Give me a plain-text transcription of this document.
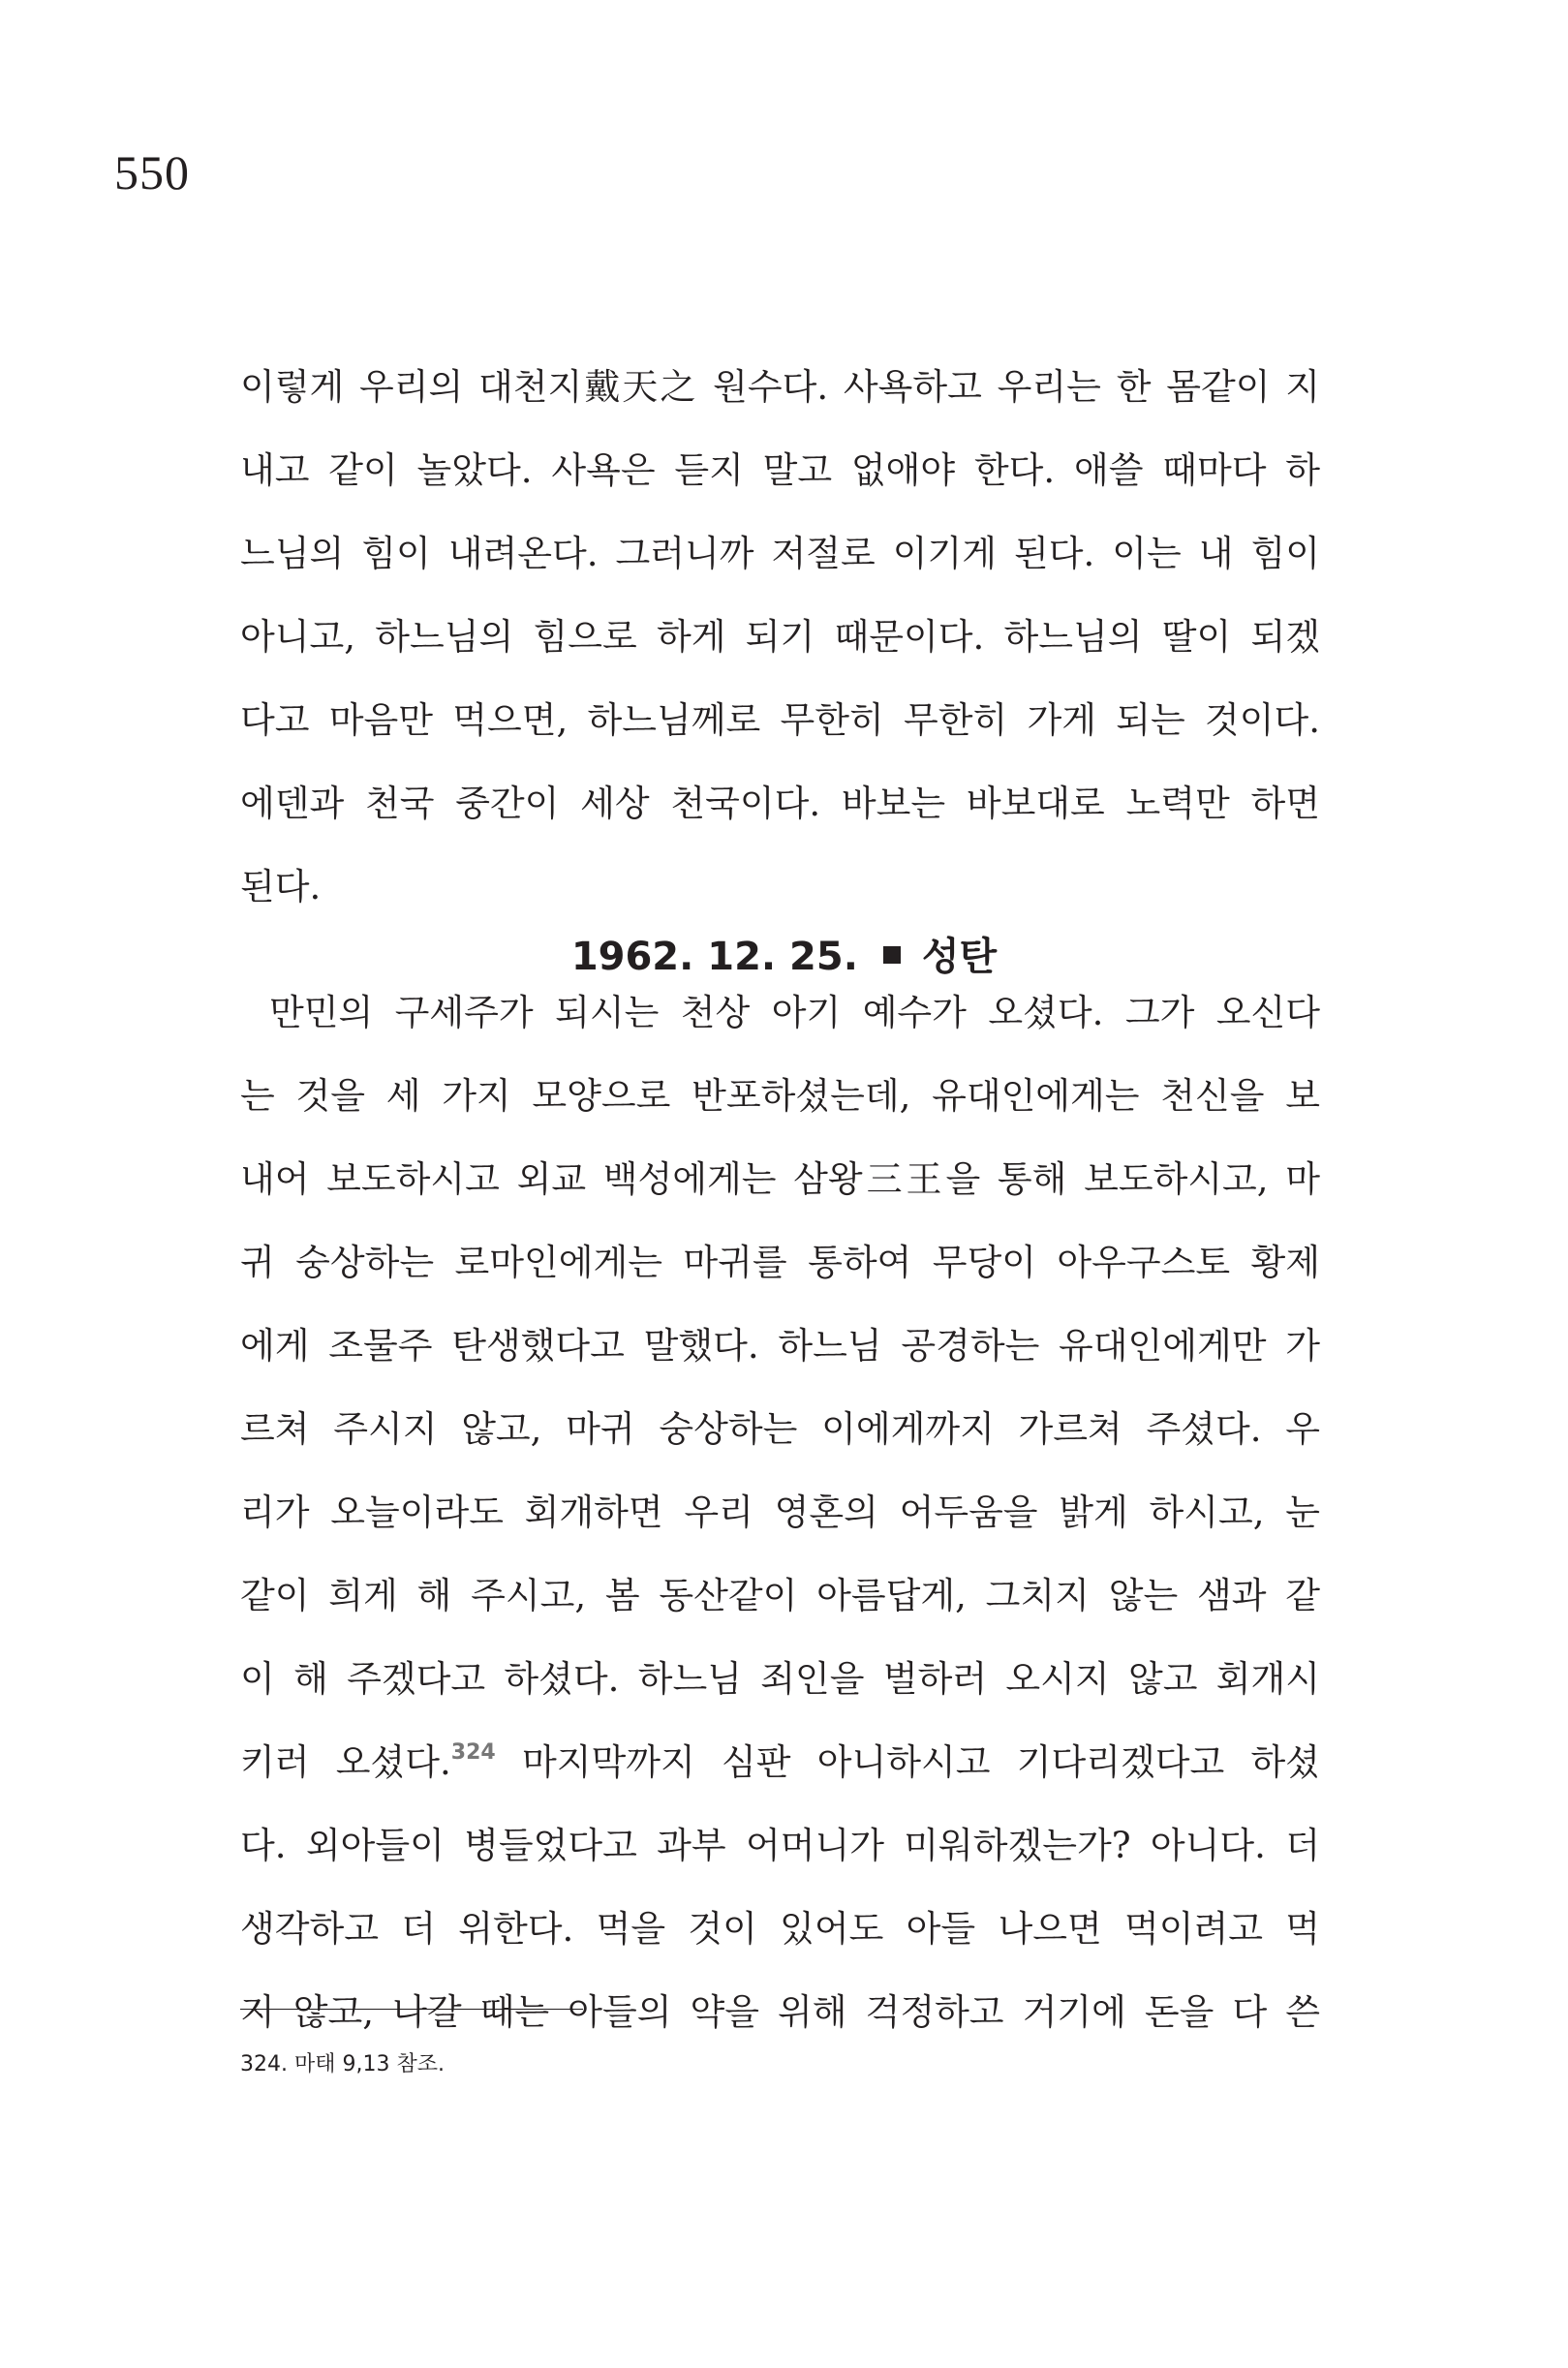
550
이렇게 우리의 대천지戴天之 원수다. 사욕하고 우리는 한 몸같이 지
내고 같이 놀았다. 사욕은 듣지 말고 없애야 한다. 애쓸 때마다 하
느님의 힘이 내려온다. 그러니까 저절로 이기게 된다. 이는 내 힘이
아니고, 하느님의 힘으로 하게 되기 때문이다. 하느님의 딸이 되겠
다고 마음만 먹으면, 하느님께로 무한히 무한히 가게 되는 것이다.
에덴과 천국 중간이 세상 천국이다. 바보는 바보대로 노력만 하면
된다.
1962. 12. 25. 성탄
만민의 구세주가 되시는 천상 아기 예수가 오셨다. 그가 오신다
는 것을 세 가지 모양으로 반포하셨는데, 유대인에게는 천신을 보
내어 보도하시고 외교 백성에게는 삼왕三王을 통해 보도하시고, 마
귀 숭상하는 로마인에게는 마귀를 통하여 무당이 아우구스토 황제
에게 조물주 탄생했다고 말했다. 하느님 공경하는 유대인에게만 가
르쳐 주시지 않고, 마귀 숭상하는 이에게까지 가르쳐 주셨다. 우
리가 오늘이라도 회개하면 우리 영혼의 어두움을 밝게 하시고, 눈
같이 희게 해 주시고, 봄 동산같이 아름답게, 그치지 않는 샘과 같
이 해 주겠다고 하셨다. 하느님 죄인을 벌하러 오시지 않고 회개시
키러 오셨다.$^{324}$ 마지막까지 심판 아니하시고 기다리겠다고 하셨
다. 외아들이 병들었다고 과부 어머니가 미워하겠는가? 아니다. 더
생각하고 더 위한다. 먹을 것이 있어도 아들 나으면 먹이려고 먹
지 않고, 나갈 때는 아들의 약을 위해 걱정하고 거기에 돈을 다 쓴
324. 마태 9,13 참조.
